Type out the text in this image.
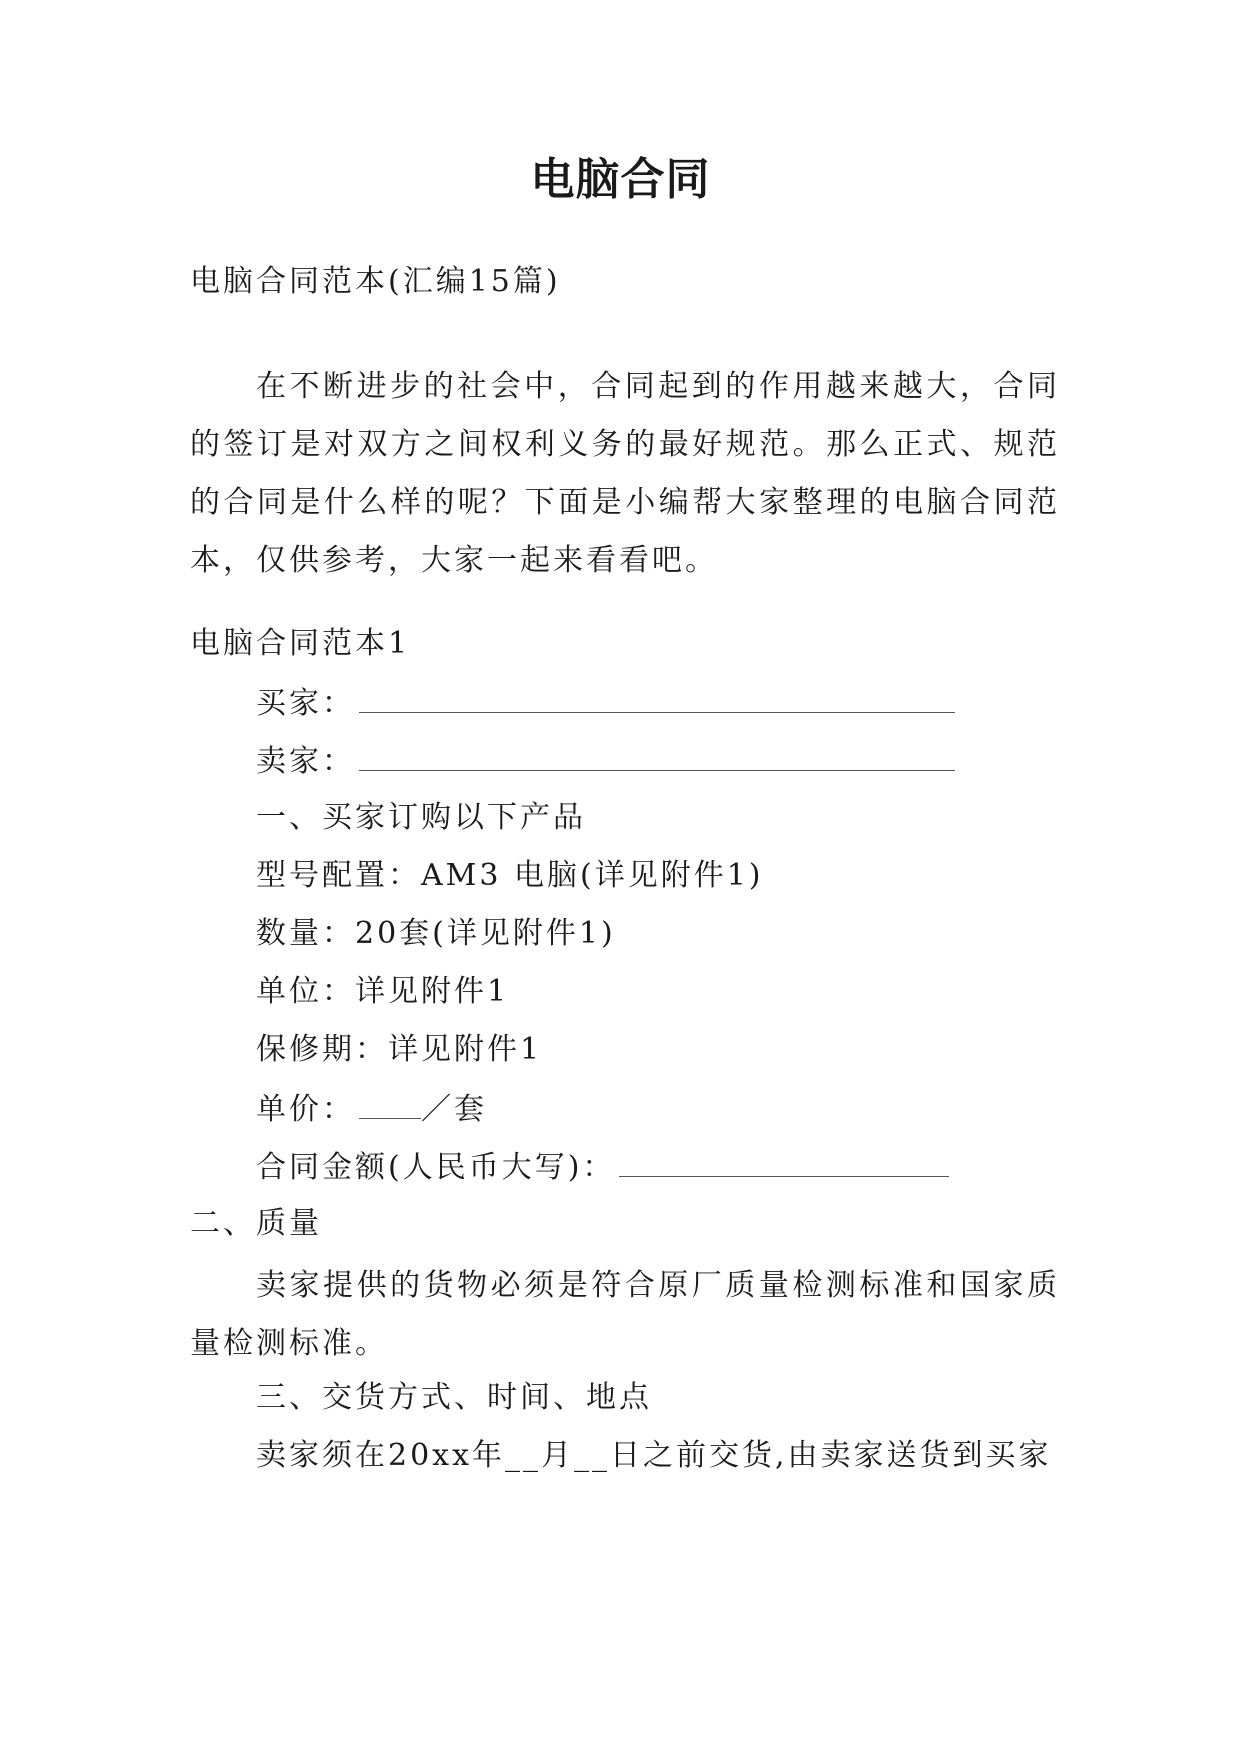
电脑合同
电脑合同范本(汇编15篇)
在不断进步的社会中，合同起到的作用越来越大，合同的签订是对双方之间权利义务的最好规范。那么正式、规范的合同是什么样的呢？下面是小编帮大家整理的电脑合同范本，仅供参考，大家一起来看看吧。
电脑合同范本1
买家：
卖家：
一、买家订购以下产品
型号配置：AM3 电脑(详见附件1)
数量：20套(详见附件1)
单位：详见附件1
保修期：详见附件1
单价： ／套
合同金额(人民币大写)：
二、质量
卖家提供的货物必须是符合原厂质量检测标准和国家质量检测标准。
三、交货方式、时间、地点
卖家须在20xx年__月__日之前交货,由卖家送货到买家
